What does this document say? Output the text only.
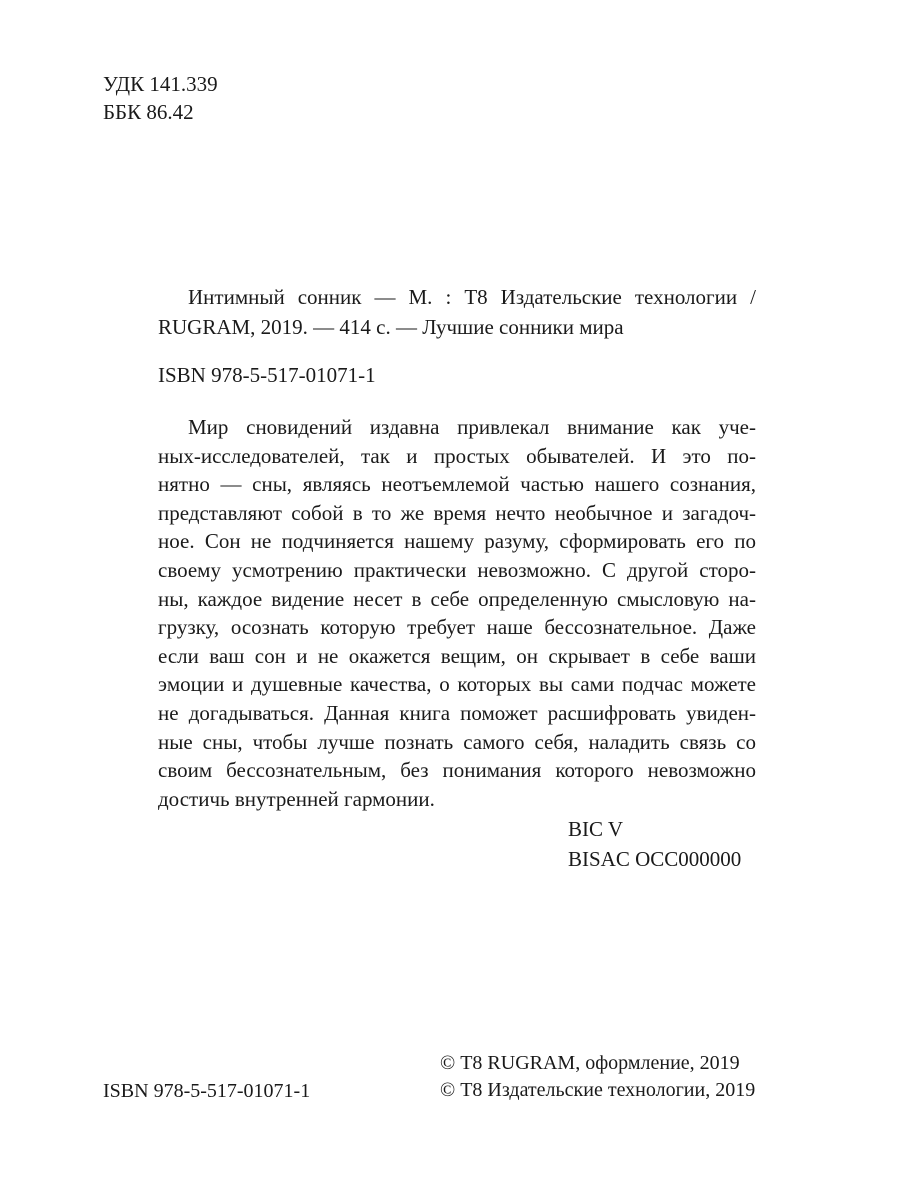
УДК 141.339
ББК 86.42
Интимный сонник — М. : Т8 Издательские технологии /
RUGRAM, 2019. — 414 с. — Лучшие сонники мира
ISBN 978-5-517-01071-1
Мир сновидений издавна привлекал внимание как уче-
ных-исследователей, так и простых обывателей. И это по-
нятно — сны, являясь неотъемлемой частью нашего сознания,
представляют собой в то же время нечто необычное и загадоч-
ное. Сон не подчиняется нашему разуму, сформировать его по
своему усмотрению практически невозможно. С другой сторо-
ны, каждое видение несет в себе определенную смысловую на-
грузку, осознать которую требует наше бессознательное. Даже
если ваш сон и не окажется вещим, он скрывает в себе ваши
эмоции и душевные качества, о которых вы сами подчас можете
не догадываться. Данная книга поможет расшифровать увиден-
ные сны, чтобы лучше познать самого себя, наладить связь со
своим бессознательным, без понимания которого невозможно
достичь внутренней гармонии.
BIC V
BISAC OCC000000
ISBN 978-5-517-01071-1
© Т8 RUGRAM, оформление, 2019
© Т8 Издательские технологии, 2019
